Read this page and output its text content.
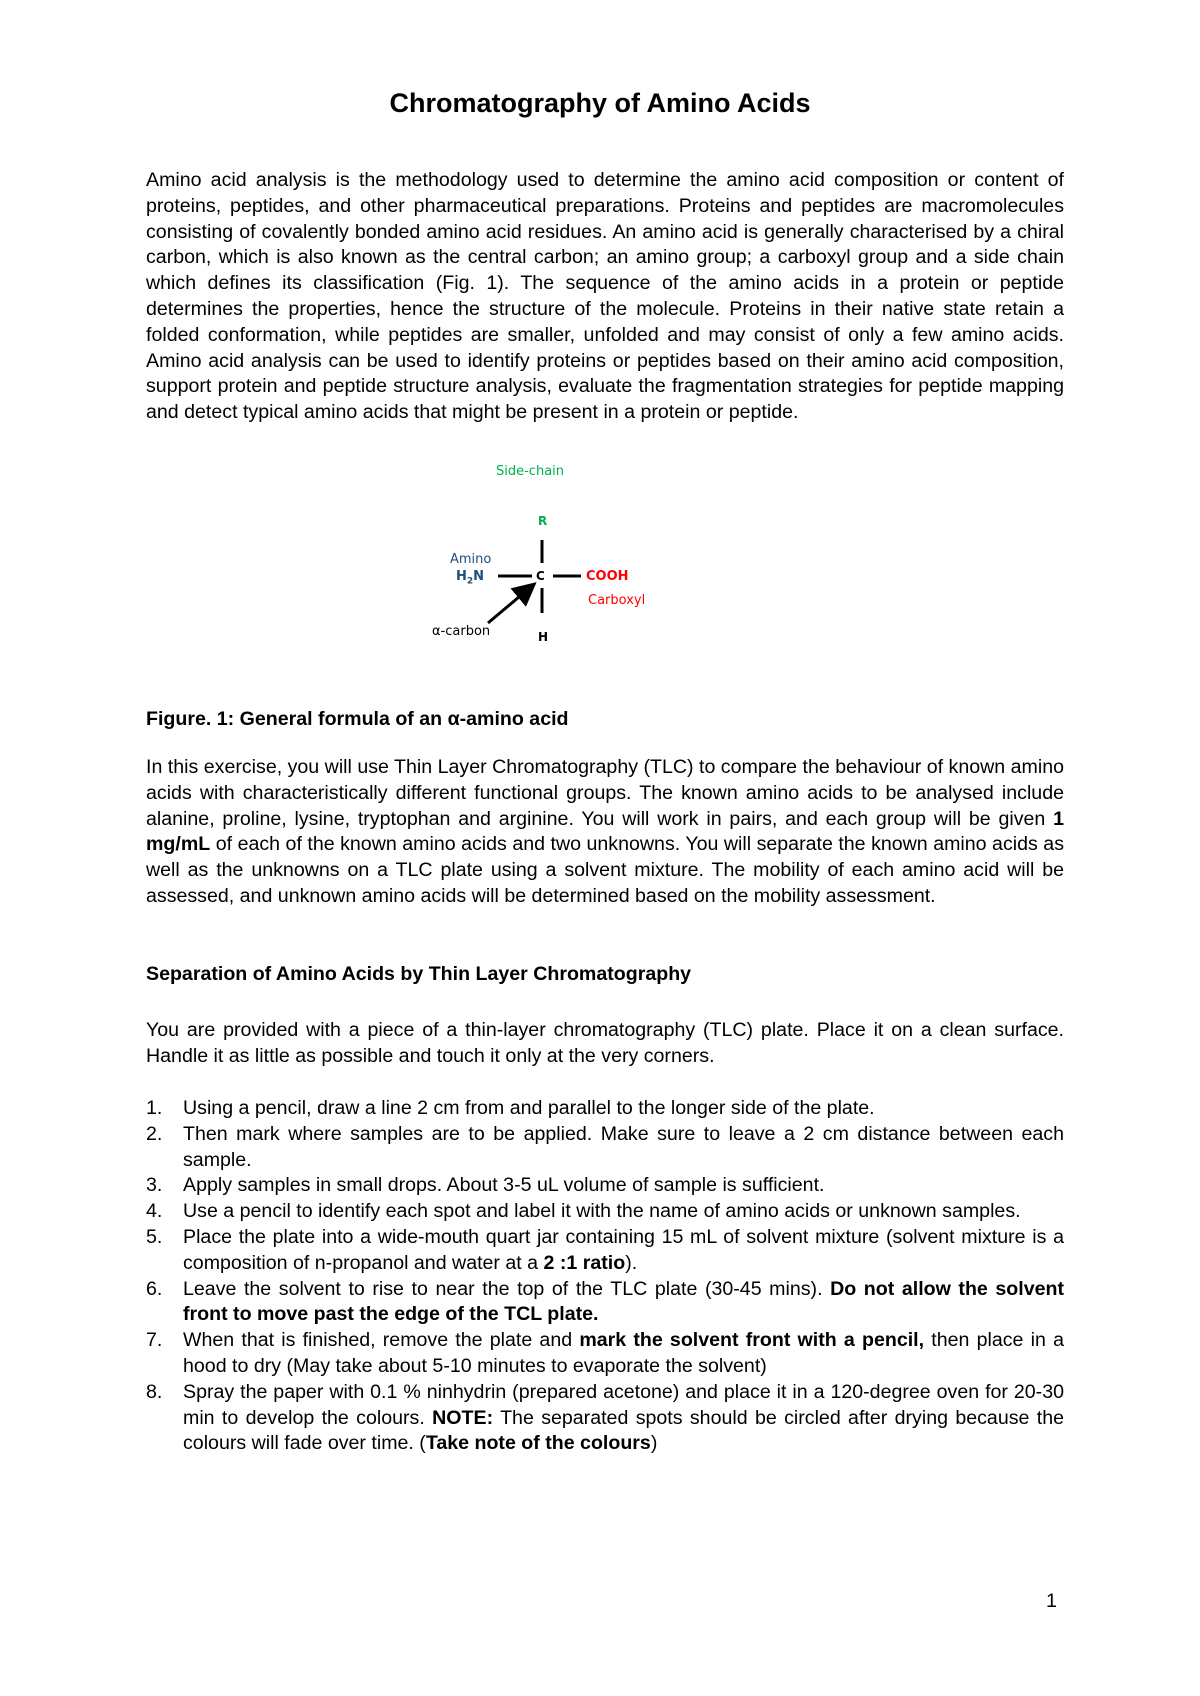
Chromatography of Amino Acids
Amino acid analysis is the methodology used to determine the amino acid composition or content of proteins, peptides, and other pharmaceutical preparations. Proteins and peptides are macromolecules consisting of covalently bonded amino acid residues. An amino acid is generally characterised by a chiral carbon, which is also known as the central carbon; an amino group; a carboxyl group and a side chain which defines its classification (Fig. 1). The sequence of the amino acids in a protein or peptide determines the properties, hence the structure of the molecule. Proteins in their native state retain a folded conformation, while peptides are smaller, unfolded and may consist of only a few amino acids. Amino acid analysis can be used to identify proteins or peptides based on their amino acid composition, support protein and peptide structure analysis, evaluate the fragmentation strategies for peptide mapping and detect typical amino acids that might be present in a protein or peptide.
Side-chain
R
Amino
$H_2N$	C	COOH
Carboxyl
α-carbon	H
Figure. 1: General formula of an α-amino acid
In this exercise, you will use Thin Layer Chromatography (TLC) to compare the behaviour of known amino acids with characteristically different functional groups. The known amino acids to be analysed include alanine, proline, lysine, tryptophan and arginine. You will work in pairs, and each group will be given 1 mg/mL of each of the known amino acids and two unknowns. You will separate the known amino acids as well as the unknowns on a TLC plate using a solvent mixture. The mobility of each amino acid will be assessed, and unknown amino acids will be determined based on the mobility assessment.
Separation of Amino Acids by Thin Layer Chromatography
You are provided with a piece of a thin-layer chromatography (TLC) plate. Place it on a clean surface. Handle it as little as possible and touch it only at the very corners.
1. Using a pencil, draw a line 2 cm from and parallel to the longer side of the plate.
2. Then mark where samples are to be applied. Make sure to leave a 2 cm distance between each sample.
3. Apply samples in small drops. About 3-5 uL volume of sample is sufficient.
4. Use a pencil to identify each spot and label it with the name of amino acids or unknown samples.
5. Place the plate into a wide-mouth quart jar containing 15 mL of solvent mixture (solvent mixture is a composition of n-propanol and water at a 2 :1 ratio).
6. Leave the solvent to rise to near the top of the TLC plate (30-45 mins). Do not allow the solvent front to move past the edge of the TCL plate.
7. When that is finished, remove the plate and mark the solvent front with a pencil, then place in a hood to dry (May take about 5-10 minutes to evaporate the solvent)
8. Spray the paper with 0.1 % ninhydrin (prepared acetone) and place it in a 120-degree oven for 20-30 min to develop the colours. NOTE: The separated spots should be circled after drying because the colours will fade over time. (Take note of the colours)
1
